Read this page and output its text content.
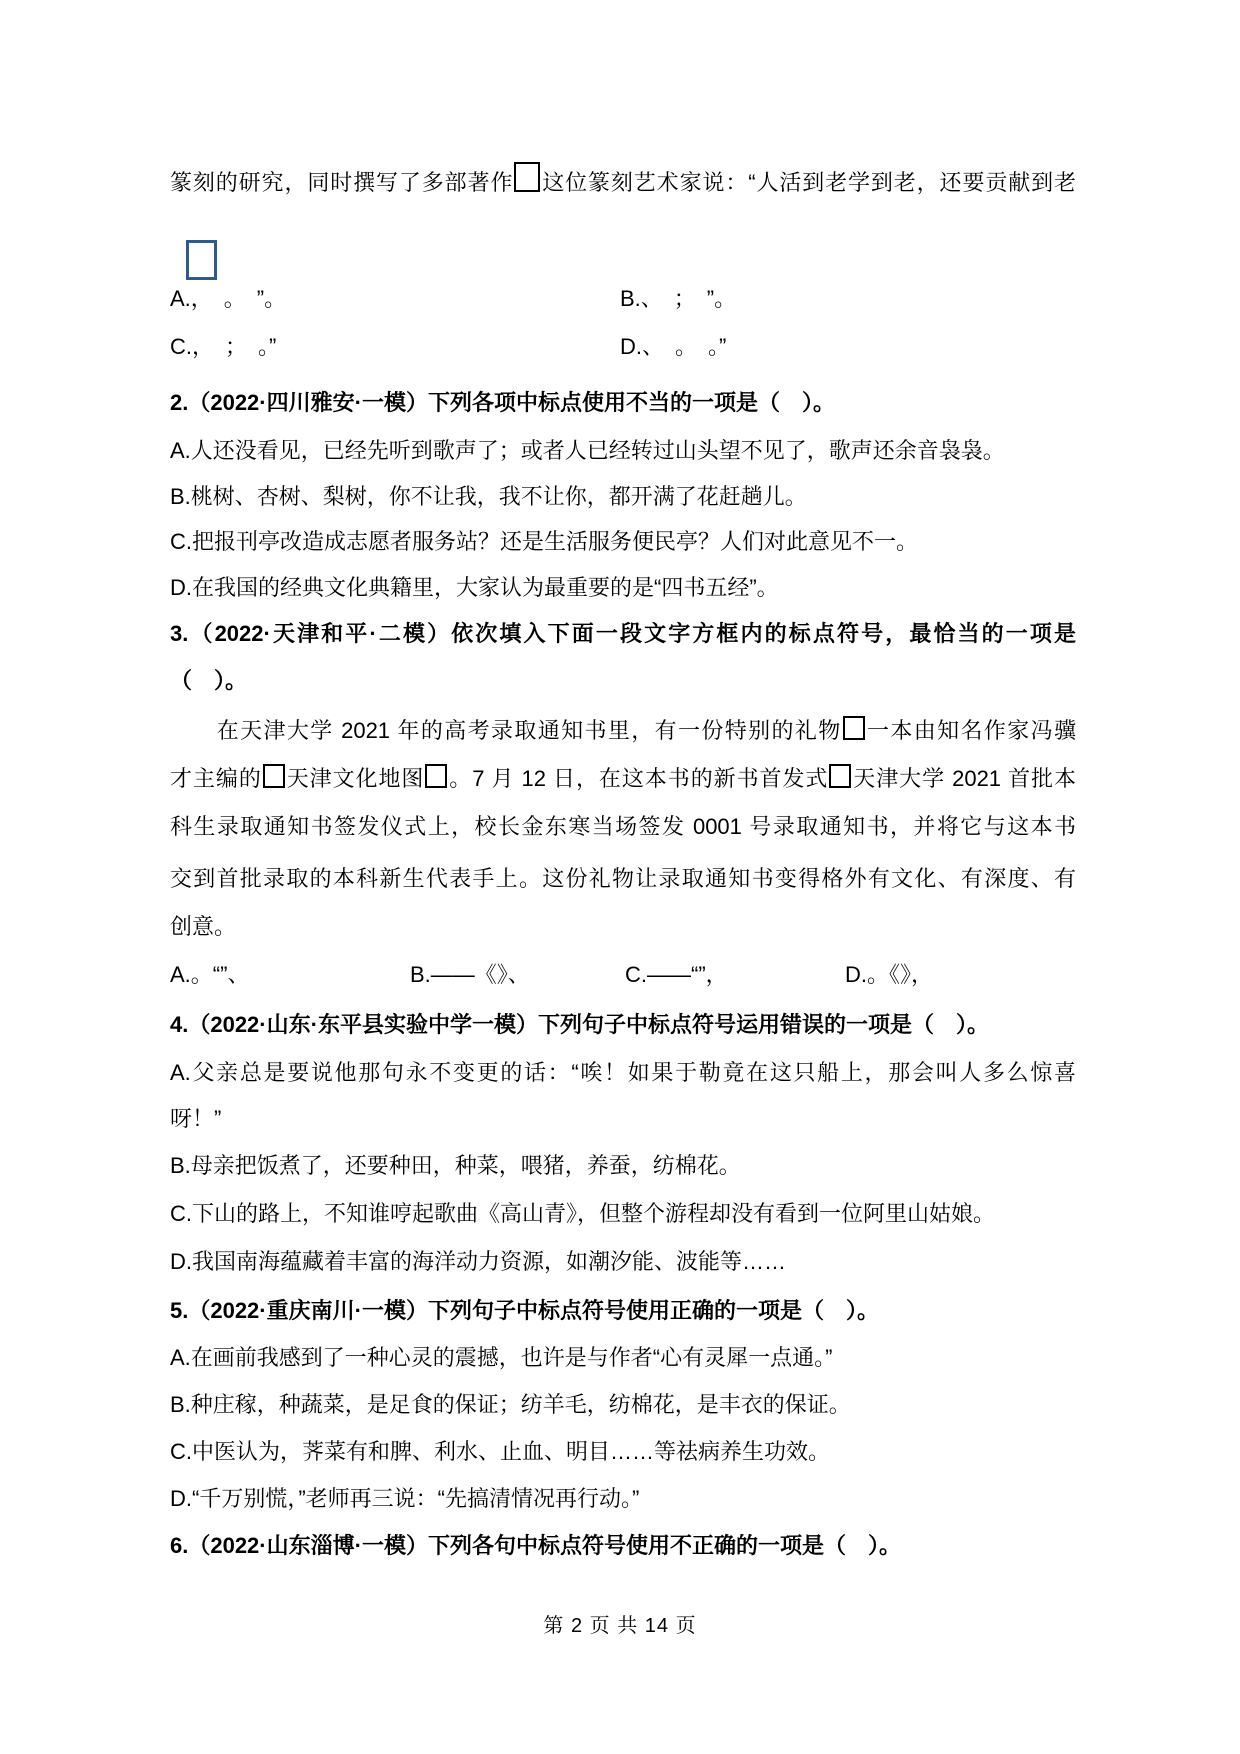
篆刻的研究，同时撰写了多部著作 这位篆刻艺术家说：“人活到老学到老，还要贡献到老
A.，　。　”。	B.、　；　”。
C.，　；　。”	D.、　。　。”
2.（2022·四川雅安·一模）下列各项中标点使用不当的一项是（　）。
A.人还没看见，已经先听到歌声了；或者人已经转过山头望不见了，歌声还余音袅袅。
B.桃树、杏树、梨树，你不让我，我不让你，都开满了花赶趟儿。
C.把报刊亭改造成志愿者服务站？还是生活服务便民亭？人们对此意见不一。
D.在我国的经典文化典籍里，大家认为最重要的是“四书五经”。
3.（2022·天津和平·二模）依次填入下面一段文字方框内的标点符号，最恰当的一项是
（　）。
　　在天津大学 2021 年的高考录取通知书里，有一份特别的礼物 一本由知名作家冯骥
才主编的 天津文化地图 。7 月 12 日，在这本书的新书首发式 天津大学 2021 首批本
科生录取通知书签发仪式上，校长金东寒当场签发 0001 号录取通知书，并将它与这本书
交到首批录取的本科新生代表手上。这份礼物让录取通知书变得格外有文化、有深度、有
创意。
A.。“”、	B.——《》、	C.——“”，	D.。《》，
4.（2022·山东·东平县实验中学一模）下列句子中标点符号运用错误的一项是（　）。
A.父亲总是要说他那句永不变更的话：“唉！如果于勒竟在这只船上，那会叫人多么惊喜
呀！”
B.母亲把饭煮了，还要种田，种菜，喂猪，养蚕，纺棉花。
C.下山的路上，不知谁哼起歌曲《高山青》，但整个游程却没有看到一位阿里山姑娘。
D.我国南海蕴藏着丰富的海洋动力资源，如潮汐能、波能等……
5.（2022·重庆南川·一模）下列句子中标点符号使用正确的一项是（　）。
A.在画前我感到了一种心灵的震撼，也许是与作者“心有灵犀一点通。”
B.种庄稼，种蔬菜，是足食的保证；纺羊毛，纺棉花，是丰衣的保证。
C.中医认为，荠菜有和脾、利水、止血、明目……等祛病养生功效。
D.“千万别慌，”老师再三说：“先搞清情况再行动。”
6.（2022·山东淄博·一模）下列各句中标点符号使用不正确的一项是（　）。
第 2 页 共 14 页
